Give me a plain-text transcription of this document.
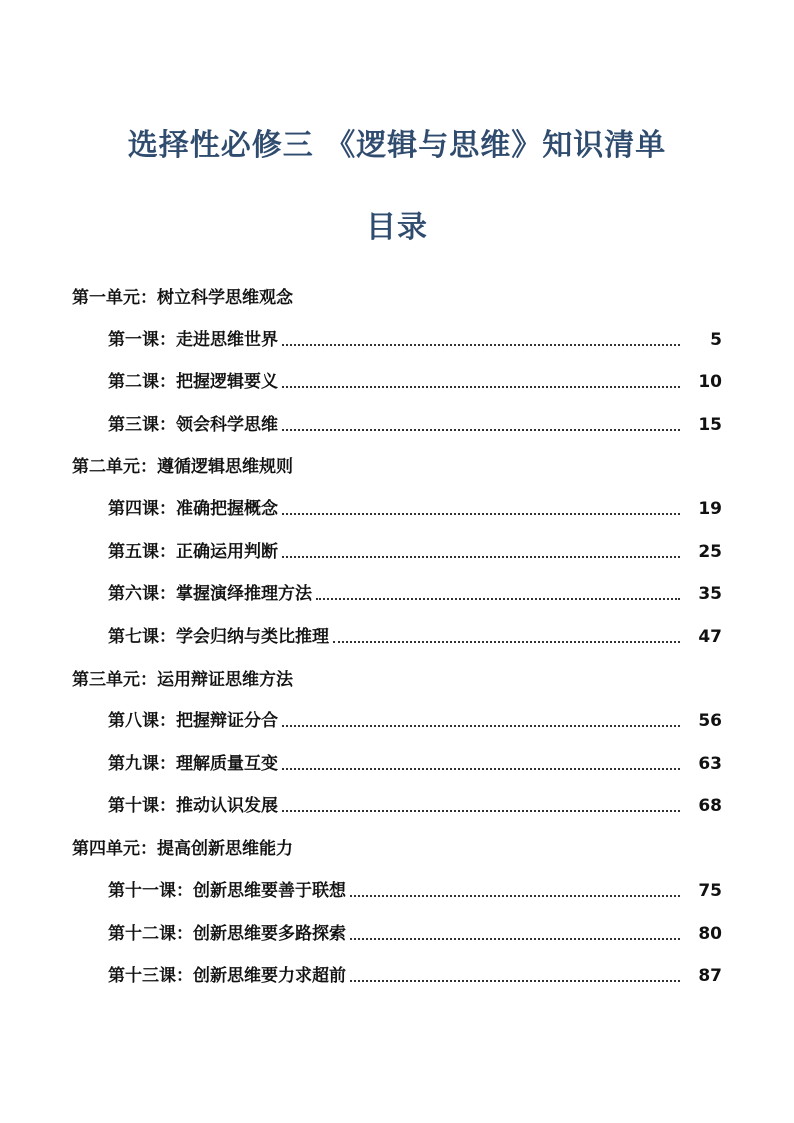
选择性必修三 《逻辑与思维》知识清单
目录
第一单元：树立科学思维观念
第一课：走进思维世界	5
第二课：把握逻辑要义	10
第三课：领会科学思维	15
第二单元：遵循逻辑思维规则
第四课：准确把握概念	19
第五课：正确运用判断	25
第六课：掌握演绎推理方法	35
第七课：学会归纳与类比推理	47
第三单元：运用辩证思维方法
第八课：把握辩证分合	56
第九课：理解质量互变	63
第十课：推动认识发展	68
第四单元：提高创新思维能力
第十一课：创新思维要善于联想	75
第十二课：创新思维要多路探索	80
第十三课：创新思维要力求超前	87
